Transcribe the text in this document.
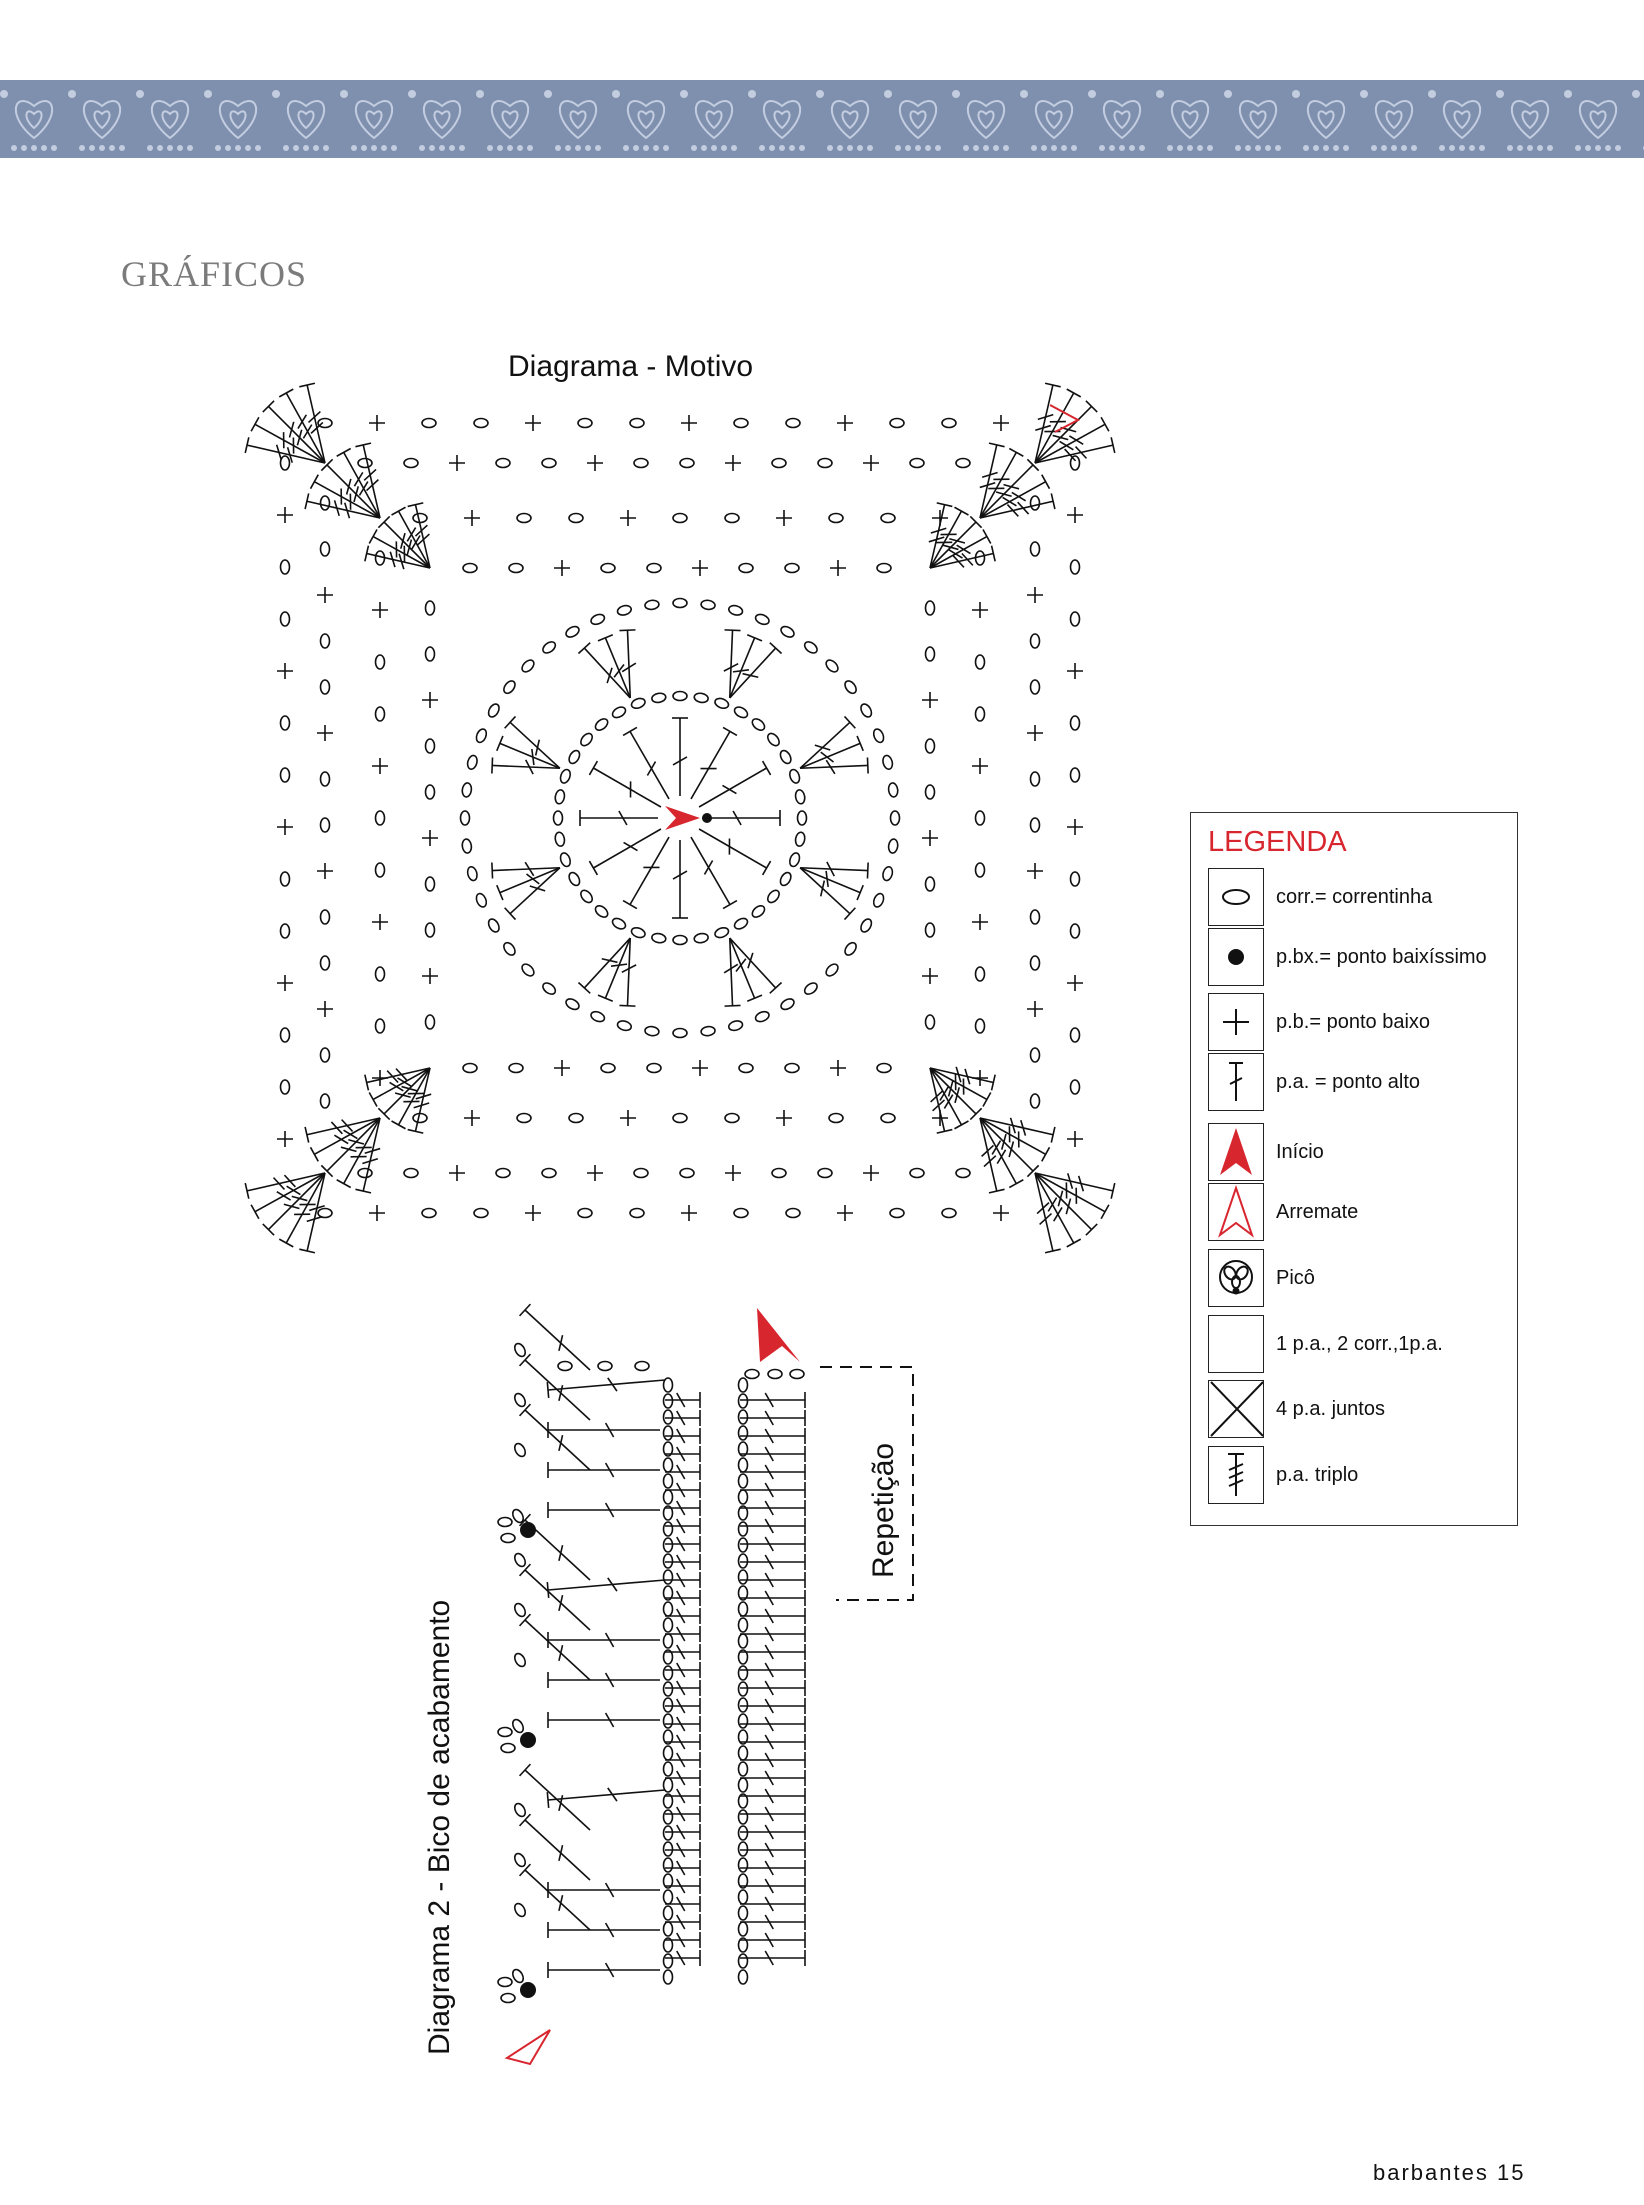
GRÁFICOS
Diagrama - Motivo
Diagrama 2 - Bico de acabamento
Repetição
LEGENDA
corr.= correntinha
p.bx.= ponto baixíssimo
p.b.= ponto baixo
p.a. = ponto alto
Início
Arremate
Picô
1 p.a., 2 corr.,1p.a.
4 p.a. juntos
p.a. triplo
barbantes 15
